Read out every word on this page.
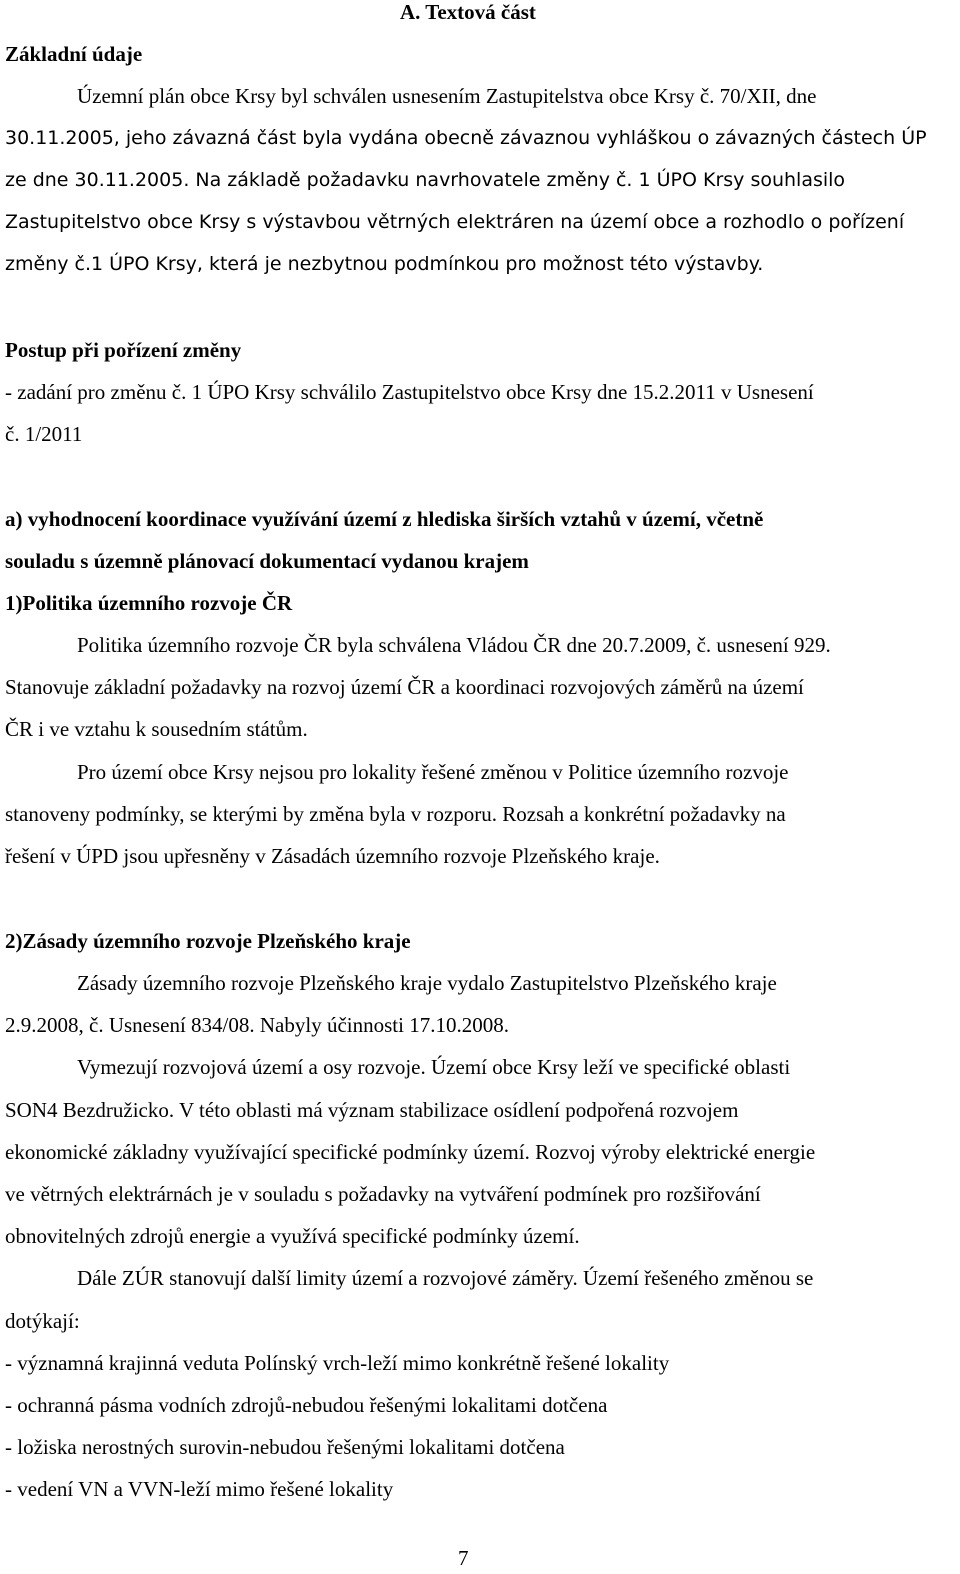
A. Textová část
Základní údaje
Územní plán obce Krsy byl schválen usnesením Zastupitelstva obce Krsy č. 70/XII, dne
30.11.2005, jeho závazná část byla vydána obecně závaznou vyhláškou o závazných částech ÚP
ze dne 30.11.2005. Na základě požadavku navrhovatele změny č. 1 ÚPO Krsy souhlasilo
Zastupitelstvo obce Krsy s výstavbou větrných elektráren na území obce a rozhodlo o pořízení
změny č.1 ÚPO Krsy, která je nezbytnou podmínkou pro možnost této výstavby.
Postup při pořízení změny
- zadání pro změnu č. 1 ÚPO Krsy schválilo Zastupitelstvo obce Krsy dne 15.2.2011 v Usnesení
č. 1/2011
a) vyhodnocení koordinace využívání území z hlediska širších vztahů v území, včetně
souladu s územně plánovací dokumentací vydanou krajem
1)Politika územního rozvoje ČR
Politika územního rozvoje ČR byla schválena Vládou ČR dne 20.7.2009, č. usnesení 929.
Stanovuje základní požadavky na rozvoj území ČR a koordinaci rozvojových záměrů na území
ČR i ve vztahu k sousedním státům.
Pro území obce Krsy nejsou pro lokality řešené změnou v Politice územního rozvoje
stanoveny podmínky, se kterými by změna byla v rozporu. Rozsah a konkrétní požadavky na
řešení v ÚPD jsou upřesněny v Zásadách územního rozvoje Plzeňského kraje.
2)Zásady územního rozvoje Plzeňského kraje
Zásady územního rozvoje Plzeňského kraje vydalo Zastupitelstvo Plzeňského kraje
2.9.2008, č. Usnesení 834/08. Nabyly účinnosti 17.10.2008.
Vymezují rozvojová území a osy rozvoje. Území obce Krsy leží ve specifické oblasti
SON4 Bezdružicko. V této oblasti má význam stabilizace osídlení podpořená rozvojem
ekonomické základny využívající specifické podmínky území. Rozvoj výroby elektrické energie
ve větrných elektrárnách je v souladu s požadavky na vytváření podmínek pro rozšiřování
obnovitelných zdrojů energie a využívá specifické podmínky území.
Dále ZÚR stanovují další limity území a rozvojové záměry. Území řešeného změnou se
dotýkají:
- významná krajinná veduta Polínský vrch-leží mimo konkrétně řešené lokality
- ochranná pásma vodních zdrojů-nebudou řešenými lokalitami dotčena
- ložiska nerostných surovin-nebudou řešenými lokalitami dotčena
- vedení VN a VVN-leží mimo řešené lokality
7
